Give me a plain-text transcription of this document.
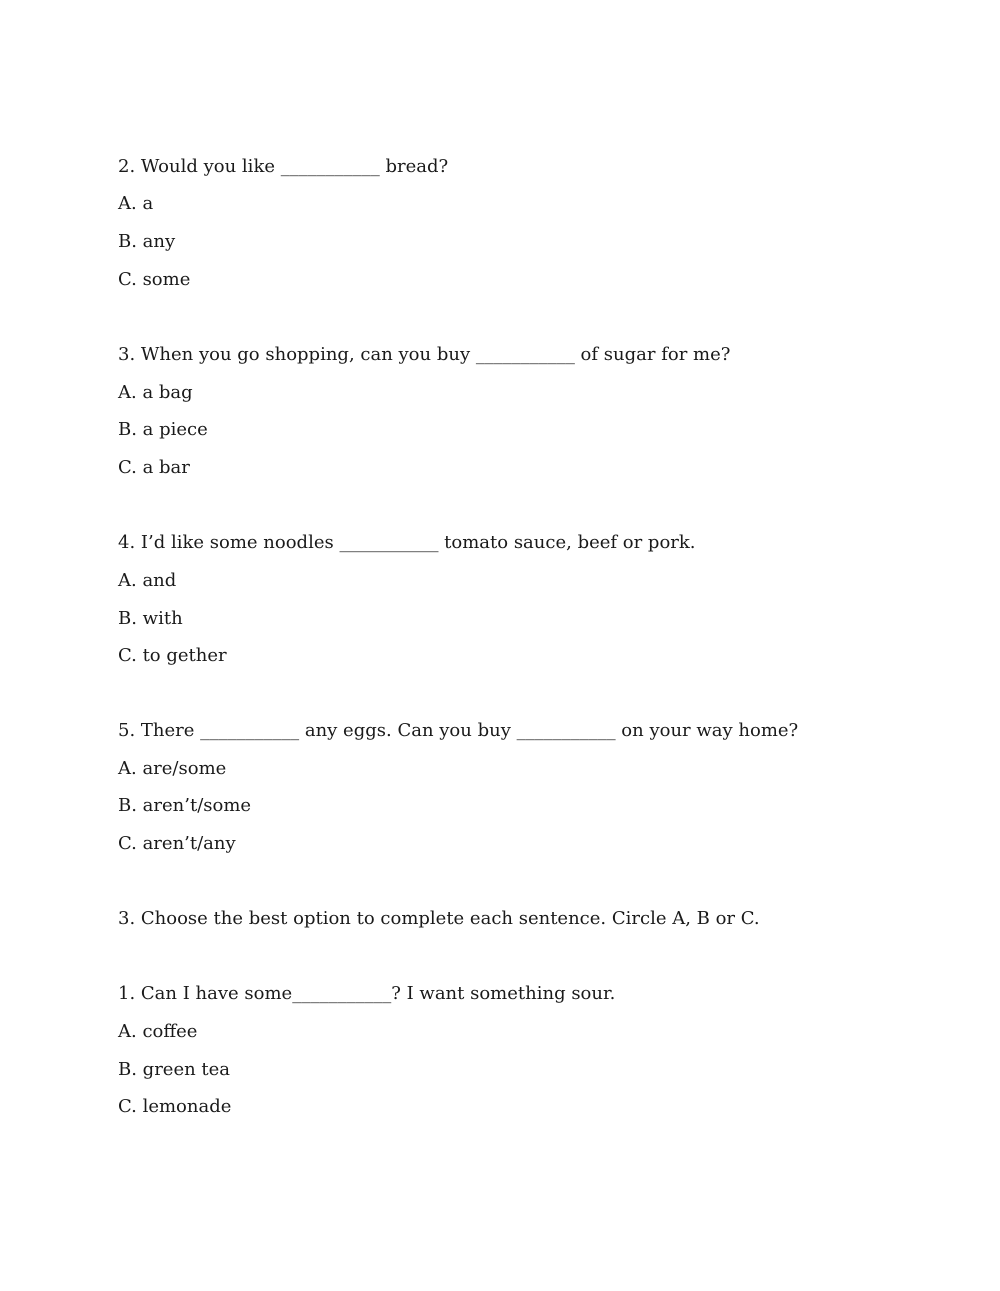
2. Would you like ___________ bread?
A. a
B. any
C. some
3. When you go shopping, can you buy ___________ of sugar for me?
A. a bag
B. a piece
C. a bar
4. I’d like some noodles ___________ tomato sauce, beef or pork.
A. and
B. with
C. to gether
5. There ___________ any eggs. Can you buy ___________ on your way home?
A. are/some
B. aren’t/some
C. aren’t/any
3. Choose the best option to complete each sentence. Circle A, B or C.
1. Can I have some___________? I want something sour.
A. coffee
B. green tea
C. lemonade
